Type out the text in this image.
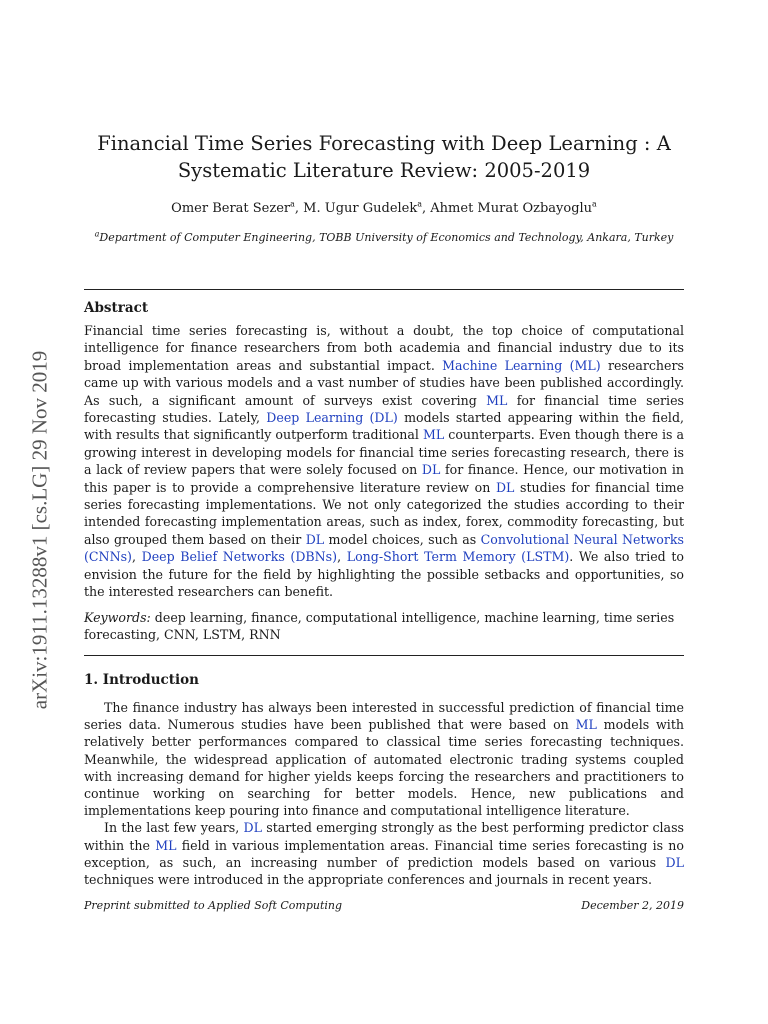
arXiv:1911.13288v1 [cs.LG] 29 Nov 2019
Financial Time Series Forecasting with Deep Learning : A
Systematic Literature Review: 2005-2019
Omer Berat Sezer$^a$, M. Ugur Gudelek$^a$, Ahmet Murat Ozbayoglu$^a$
$^a$Department of Computer Engineering, TOBB University of Economics and Technology, Ankara, Turkey
Abstract

Financial time series forecasting is, without a doubt, the top choice of computational intelligence for finance researchers from both academia and financial industry due to its broad implementation areas and substantial impact. Machine Learning (ML) researchers came up with various models and a vast number of studies have been published accordingly. As such, a significant amount of surveys exist covering ML for financial time series forecasting studies. Lately, Deep Learning (DL) models started appearing within the field, with results that significantly outperform traditional ML counterparts. Even though there is a growing interest in developing models for financial time series forecasting research, there is a lack of review papers that were solely focused on DL for finance. Hence, our motivation in this paper is to provide a comprehensive literature review on DL studies for financial time series forecasting implementations. We not only categorized the studies according to their intended forecasting implementation areas, such as index, forex, commodity forecasting, but also grouped them based on their DL model choices, such as Convolutional Neural Networks (CNNs), Deep Belief Networks (DBNs), Long-Short Term Memory (LSTM). We also tried to envision the future for the field by highlighting the possible setbacks and opportunities, so the interested researchers can benefit.

Keywords: deep learning, finance, computational intelligence, machine learning, time series forecasting, CNN, LSTM, RNN

1. Introduction

The finance industry has always been interested in successful prediction of financial time series data. Numerous studies have been published that were based on ML models with relatively better performances compared to classical time series forecasting techniques. Meanwhile, the widespread application of automated electronic trading systems coupled with increasing demand for higher yields keeps forcing the researchers and practitioners to continue working on searching for better models. Hence, new publications and implementations keep pouring into finance and computational intelligence literature.

In the last few years, DL started emerging strongly as the best performing predictor class within the ML field in various implementation areas. Financial time series forecasting is no exception, as such, an increasing number of prediction models based on various DL techniques were introduced in the appropriate conferences and journals in recent years.

Preprint submitted to Applied Soft Computing	December 2, 2019
